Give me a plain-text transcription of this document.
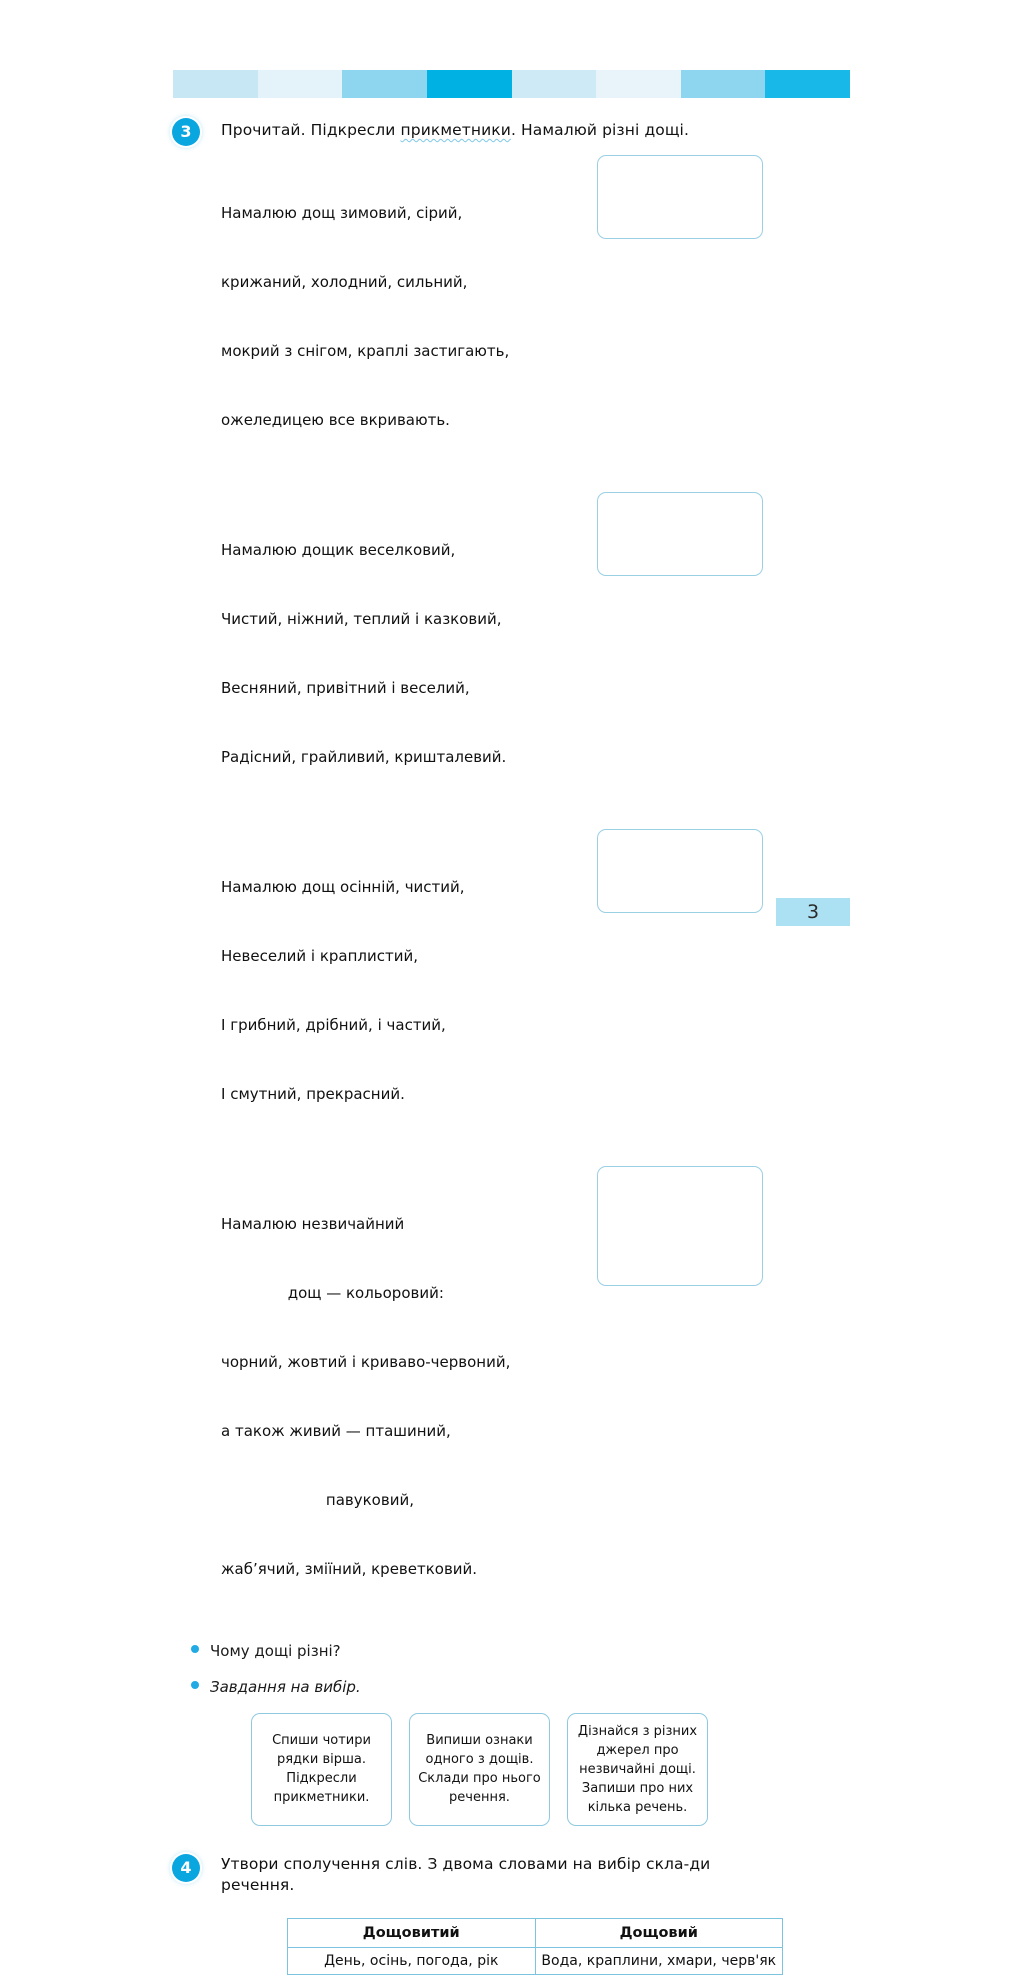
3	Прочитай. Підкресли прикметники. Намалюй різні дощі.

Намалюю дощ зимовий, сірий,

крижаний, холодний, сильний,

мокрий з снігом, краплі застигають,

ожеледицею все вкривають.

Намалюю дощик веселковий,

Чистий, ніжний, теплий і казковий,

Весняний, привітний і веселий,

Радісний, грайливий, кришталевий.

Намалюю дощ осінній, чистий,

Невеселий і краплистий,

І грибний, дрібний, і частий,

І смутний, прекрасний.

Намалюю незвичайний

дощ — кольоровий:

чорний, жовтий і криваво-червоний,

а також живий — пташиний,

павуковий,

жаб’ячий, зміїний, креветковий.

Чому дощі різні?
Завдання на вибір.
Спиши чотири рядки вірша. Підкресли прикметники.
Випиши ознаки одного з дощів. Склади про нього речення.
Дізнайся з різних джерел про незвичайні дощі. Запиши про них кілька речень.
4	Утвори сполучення слів. З двома словами на вибір скла-ди речення.
Дощовитий	Дощовий
День, осінь, погода, рік	Вода, краплини, хмари, черв'як
3
